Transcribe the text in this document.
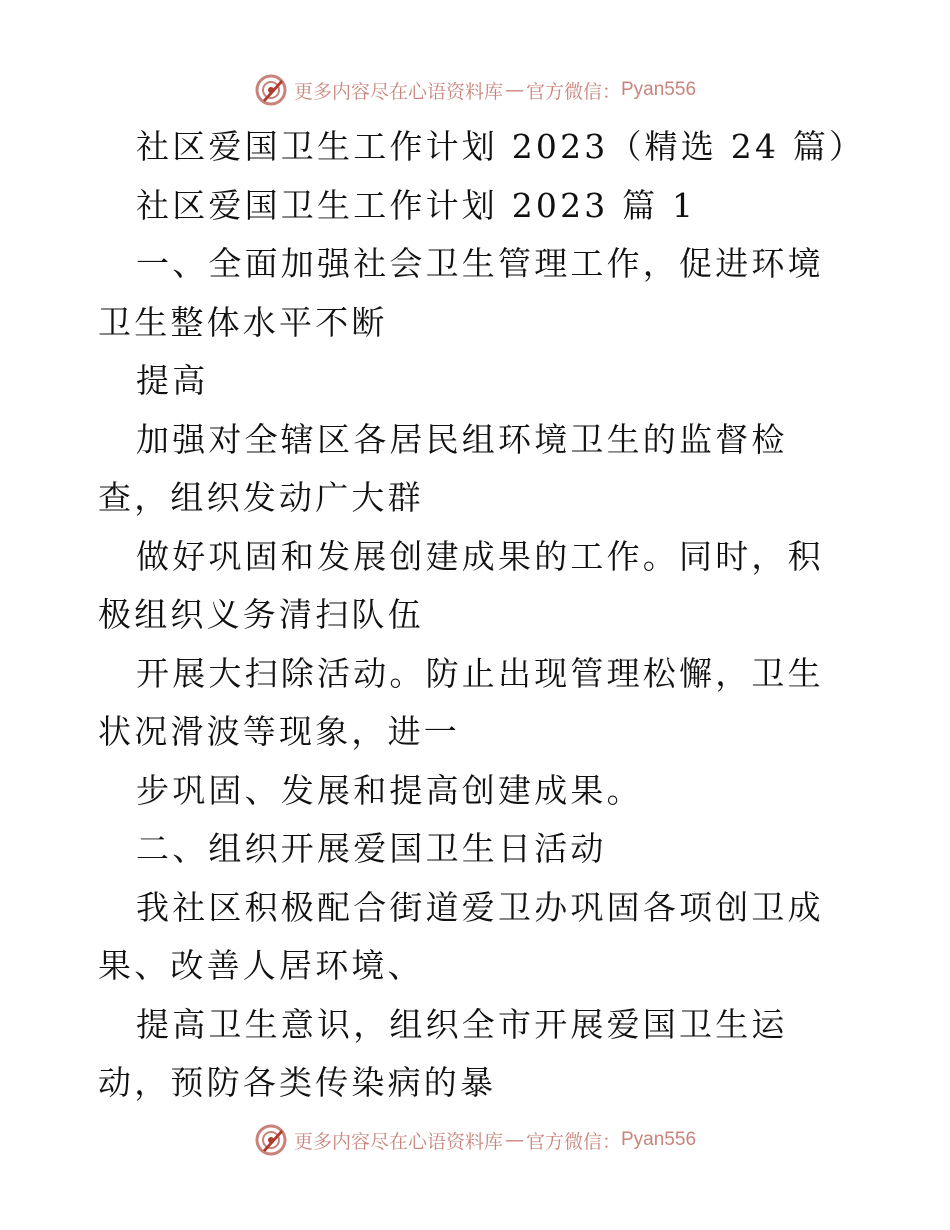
更多内容尽在心语资料库 — 官方微信： Pyan556

社区爱国卫生工作计划 2023（精选 24 篇）

社区爱国卫生工作计划 2023 篇 1

一、全面加强社会卫生管理工作，促进环境卫生整体水平不断

提高

加强对全辖区各居民组环境卫生的监督检查，组织发动广大群

做好巩固和发展创建成果的工作。同时，积极组织义务清扫队伍

开展大扫除活动。防止出现管理松懈，卫生状况滑波等现象，进一

步巩固、发展和提高创建成果。

二、组织开展爱国卫生日活动

我社区积极配合街道爱卫办巩固各项创卫成果、改善人居环境、

提高卫生意识，组织全市开展爱国卫生运动，预防各类传染病的暴

更多内容尽在心语资料库 — 官方微信： Pyan556
